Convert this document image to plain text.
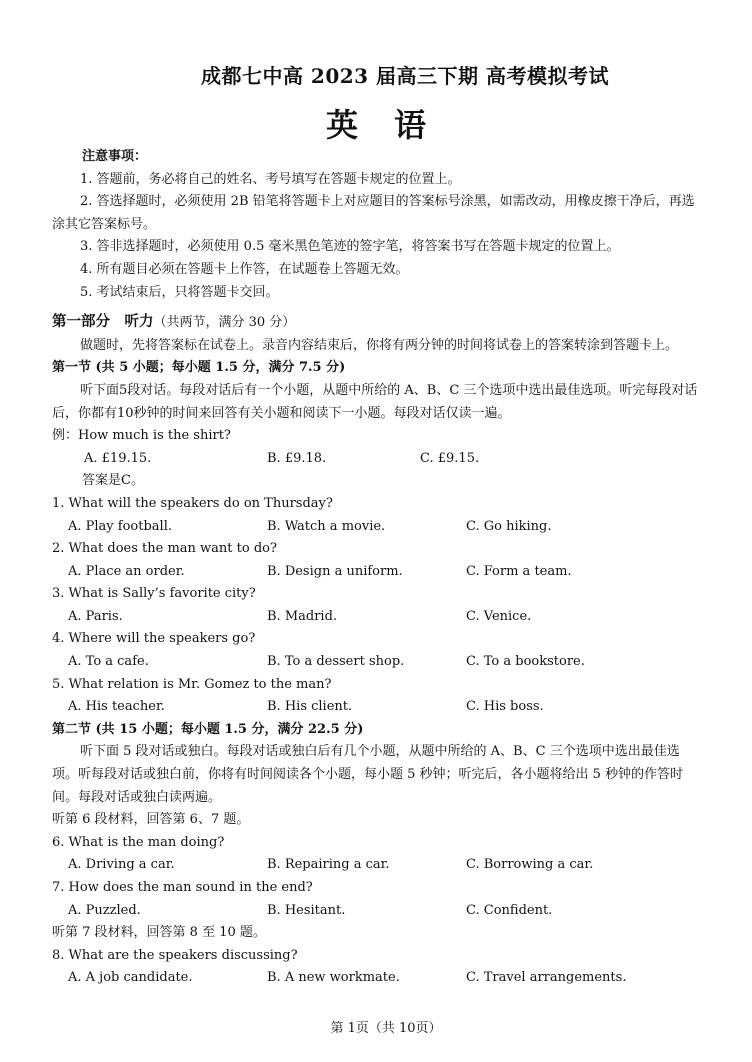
成都七中高 2023 届高三下期 高考模拟考试
英语
注意事项：
1. 答题前，务必将自己的姓名、考号填写在答题卡规定的位置上。
2. 答选择题时，必须使用 2B 铅笔将答题卡上对应题目的答案标号涂黑，如需改动，用橡皮擦干净后，再选涂其它答案标号。
3. 答非选择题时，必须使用 0.5 毫米黑色笔迹的签字笔，将答案书写在答题卡规定的位置上。
4. 所有题目必须在答题卡上作答，在试题卷上答题无效。
5. 考试结束后，只将答题卡交回。
第一部分　听力（共两节，满分 30 分）
做题时，先将答案标在试卷上。录音内容结束后，你将有两分钟的时间将试卷上的答案转涂到答题卡上。
第一节 (共 5 小题；每小题 1.5 分，满分 7.5 分)
听下面5段对话。每段对话后有一个小题，从题中所给的 A、B、C 三个选项中选出最佳选项。听完每段对话后，你都有10秒钟的时间来回答有关小题和阅读下一小题。每段对话仅读一遍。
例：How much is the shirt?
A. £19.15.	B. £9.18.	C. £9.15.
答案是C。
1. What will the speakers do on Thursday?
A. Play football.	B. Watch a movie.	C. Go hiking.
2. What does the man want to do?
A. Place an order.	B. Design a uniform.	C. Form a team.
3. What is Sally’s favorite city?
A. Paris.	B. Madrid.	C. Venice.
4. Where will the speakers go?
A. To a cafe.	B. To a dessert shop.	C. To a bookstore.
5. What relation is Mr. Gomez to the man?
A. His teacher.	B. His client.	C. His boss.
第二节 (共 15 小题；每小题 1.5 分，满分 22.5 分)
听下面 5 段对话或独白。每段对话或独白后有几个小题，从题中所给的 A、B、C 三个选项中选出最佳选项。听每段对话或独白前，你将有时间阅读各个小题，每小题 5 秒钟；听完后，各小题将给出 5 秒钟的作答时间。每段对话或独白读两遍。
听第 6 段材料，回答第 6、7 题。
6. What is the man doing?
A. Driving a car.	B. Repairing a car.	C. Borrowing a car.
7. How does the man sound in the end?
A. Puzzled.	B. Hesitant.	C. Confident.
听第 7 段材料，回答第 8 至 10 题。
8. What are the speakers discussing?
A. A job candidate.	B. A new workmate.	C. Travel arrangements.
第 1页（共 10页）
